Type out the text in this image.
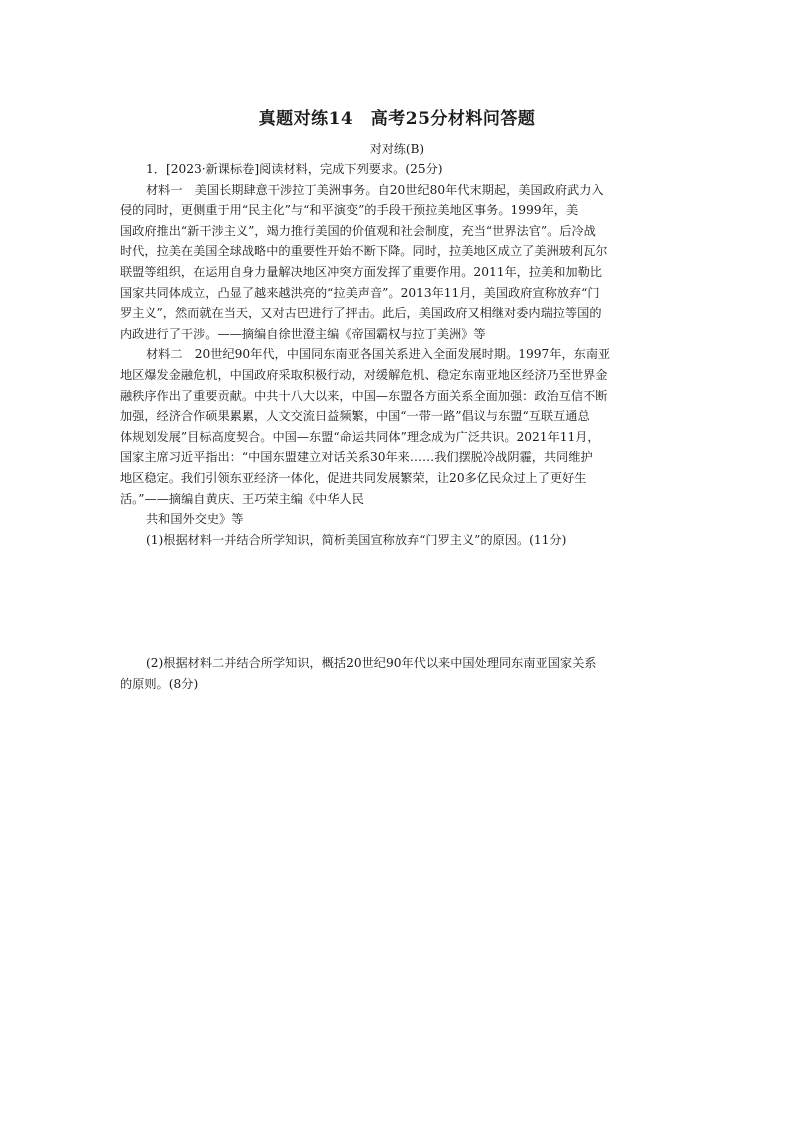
真题对练14　高考25分材料问答题
对对练(B)
1．[2023·新课标卷]阅读材料，完成下列要求。(25分)
材料一　美国长期肆意干涉拉丁美洲事务。自20世纪80年代末期起，美国政府武力入
侵的同时，更侧重于用“民主化”与“和平演变”的手段干预拉美地区事务。1999年，美
国政府推出“新干涉主义”，竭力推行美国的价值观和社会制度，充当“世界法官”。后冷战
时代，拉美在美国全球战略中的重要性开始不断下降。同时，拉美地区成立了美洲玻利瓦尔
联盟等组织，在运用自身力量解决地区冲突方面发挥了重要作用。2011年，拉美和加勒比
国家共同体成立，凸显了越来越洪亮的“拉美声音”。2013年11月，美国政府宣称放弃“门
罗主义”，然而就在当天，又对古巴进行了抨击。此后，美国政府又相继对委内瑞拉等国的
内政进行了干涉。——摘编自徐世澄主编《帝国霸权与拉丁美洲》等
材料二　20世纪90年代，中国同东南亚各国关系进入全面发展时期。1997年，东南亚
地区爆发金融危机，中国政府采取积极行动，对缓解危机、稳定东南亚地区经济乃至世界金
融秩序作出了重要贡献。中共十八大以来，中国—东盟各方面关系全面加强：政治互信不断
加强，经济合作硕果累累，人文交流日益频繁，中国“一带一路”倡议与东盟“互联互通总
体规划发展”目标高度契合。中国—东盟“命运共同体”理念成为广泛共识。2021年11月，
国家主席习近平指出：“中国东盟建立对话关系30年来……我们摆脱冷战阴霾，共同维护
地区稳定。我们引领东亚经济一体化，促进共同发展繁荣，让20多亿民众过上了更好生
活。”——摘编自黄庆、王巧荣主编《中华人民
共和国外交史》等
(1)根据材料一并结合所学知识，简析美国宣称放弃“门罗主义”的原因。(11分)
(2)根据材料二并结合所学知识，概括20世纪90年代以来中国处理同东南亚国家关系
的原则。(8分)
